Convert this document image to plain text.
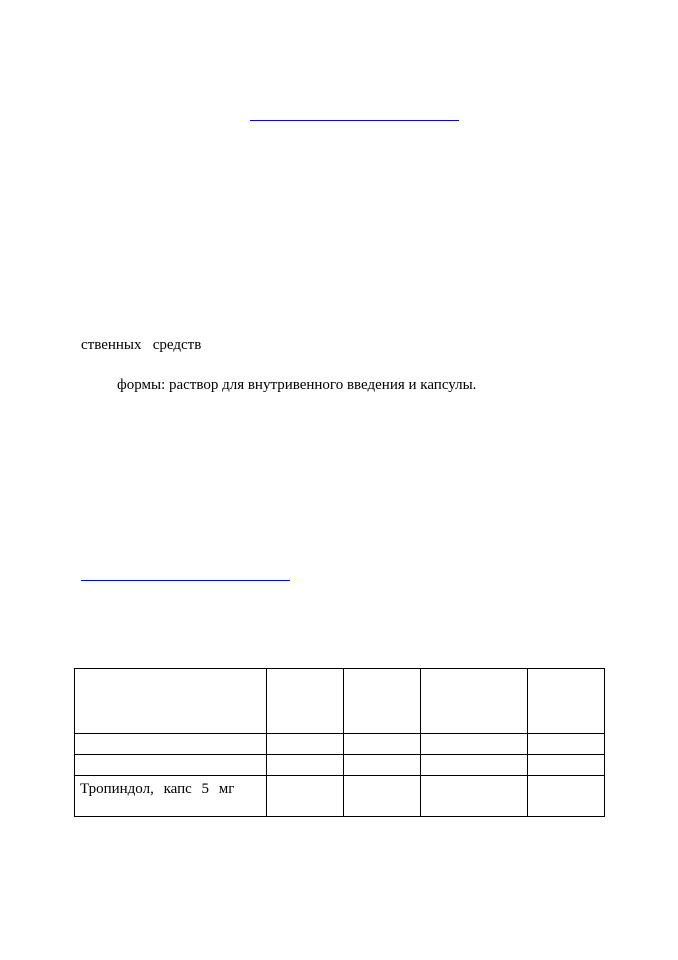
ственных   средств
формы: раствор для внутривенного введения и капсулы.

Тропиндол, капс 5 мг				
